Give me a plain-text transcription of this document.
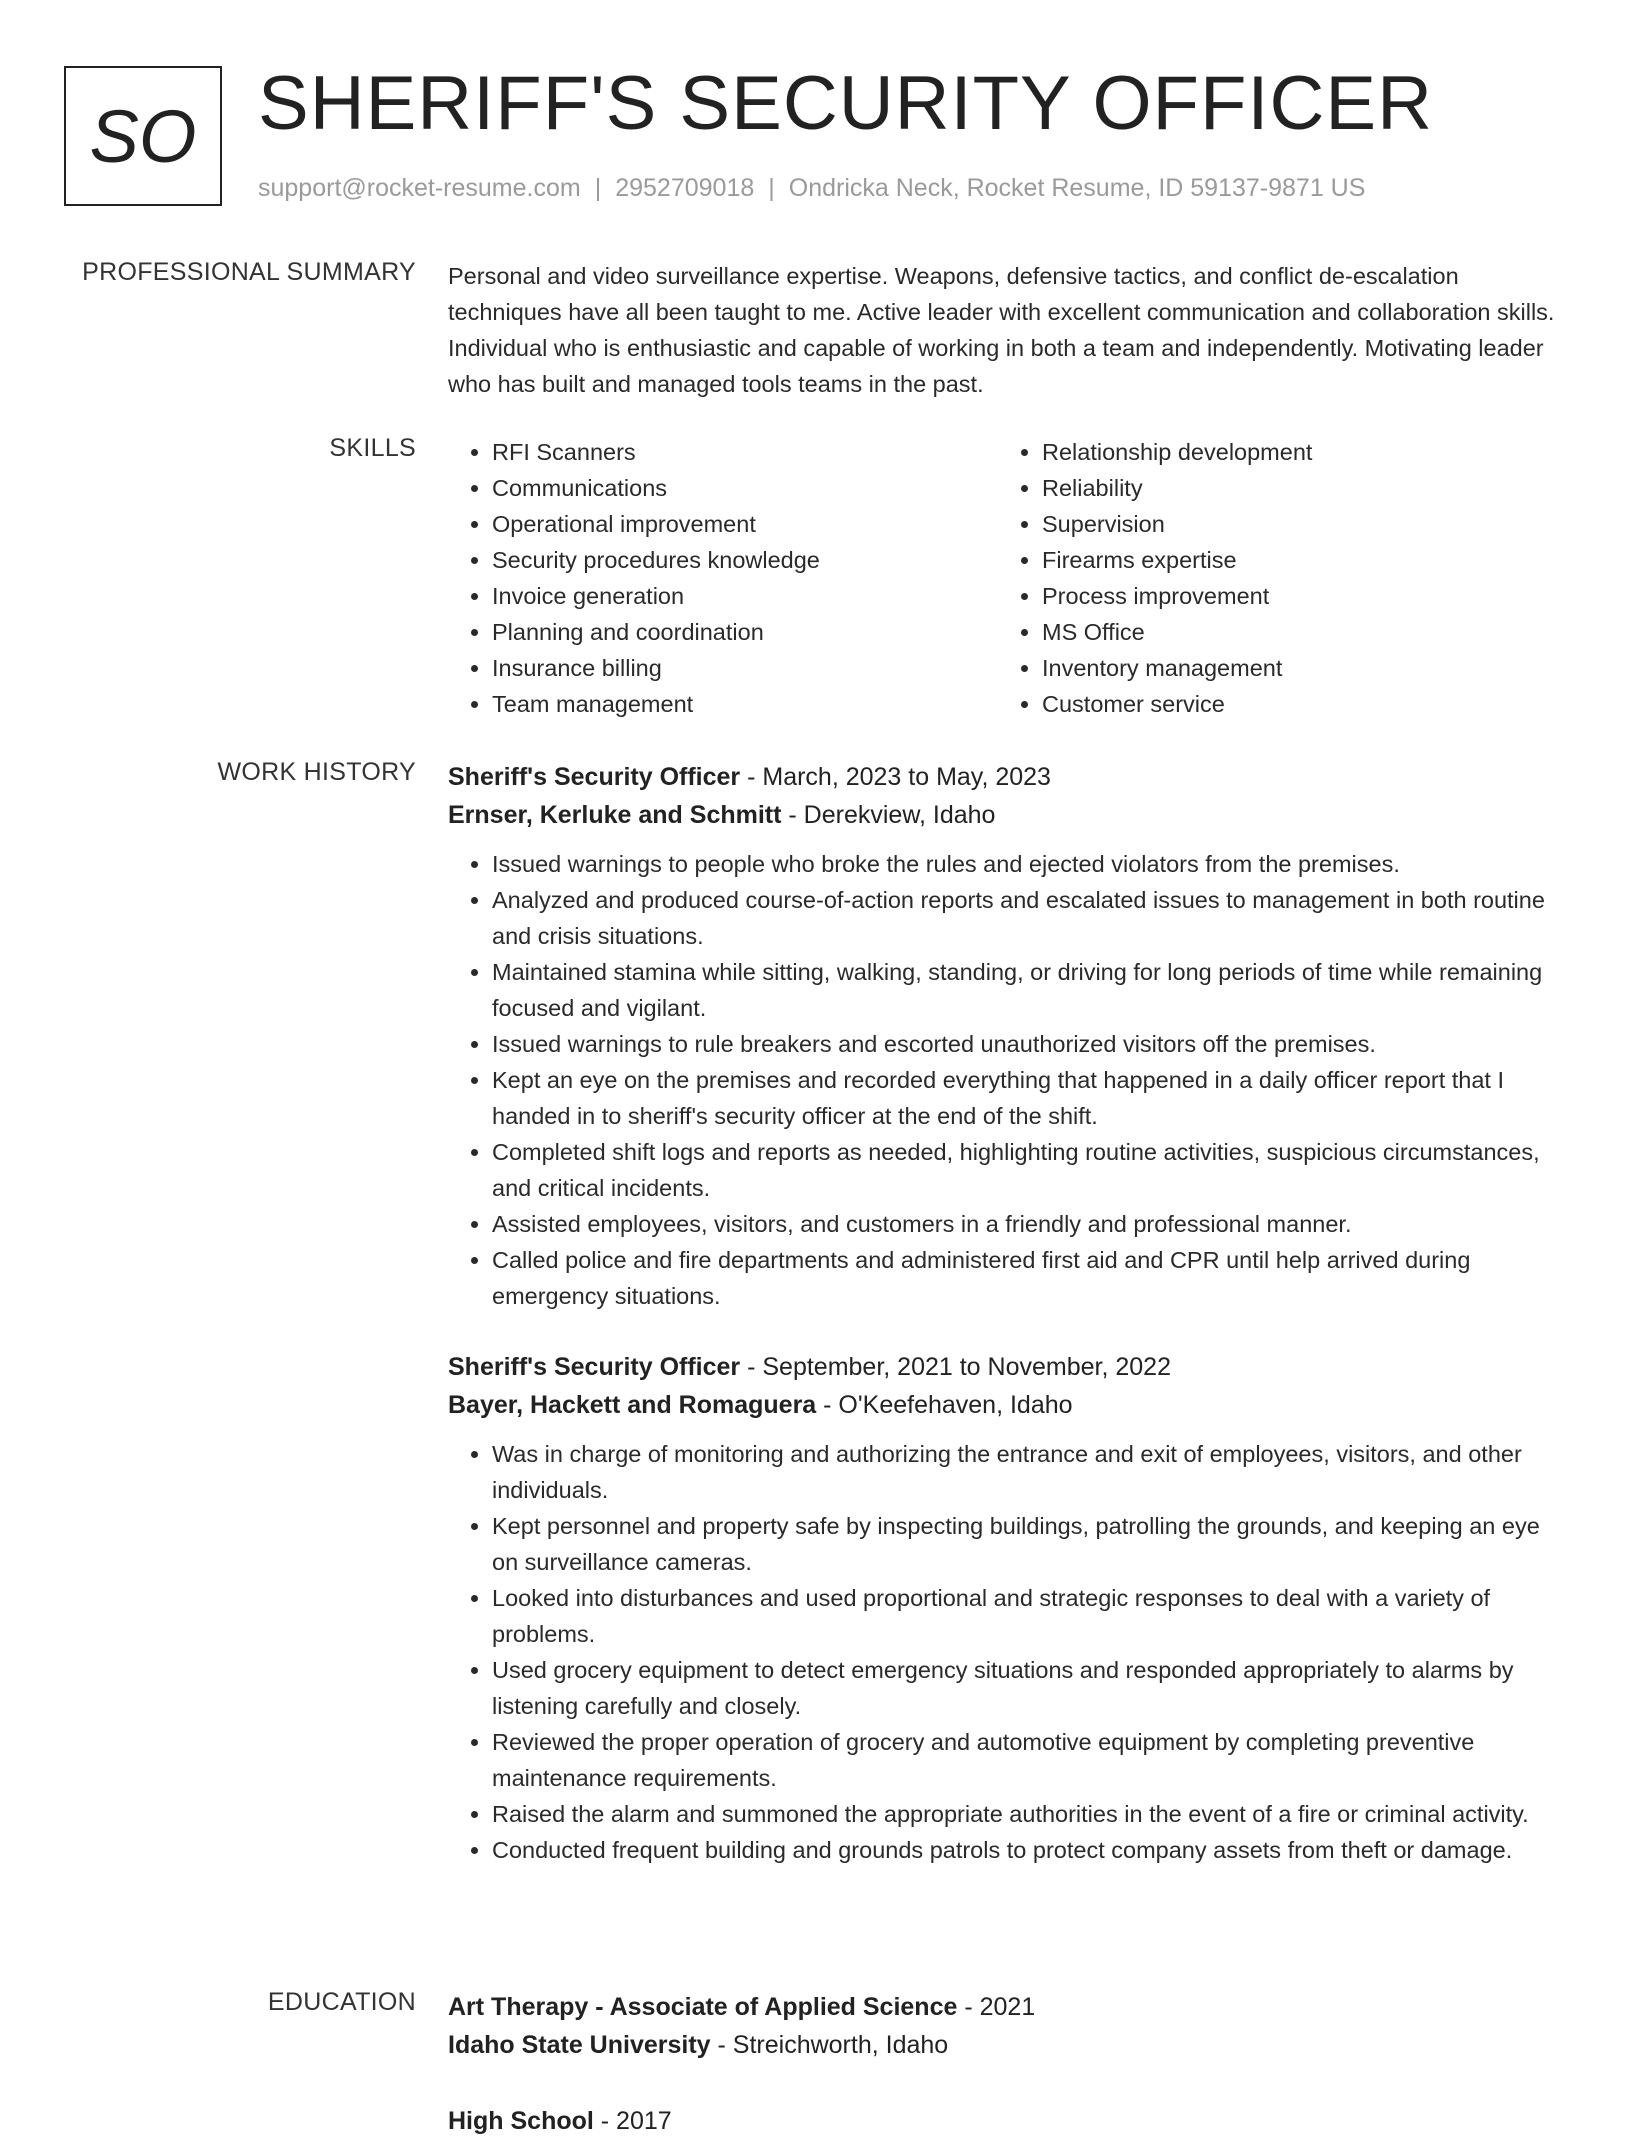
SO SHERIFF'S SECURITY OFFICER
support@rocket-resume.com | 2952709018 | Ondricka Neck, Rocket Resume, ID 59137-9871 US
PROFESSIONAL SUMMARY Personal and video surveillance expertise. Weapons, defensive tactics, and conflict de-escalation techniques have all been taught to me. Active leader with excellent communication and collaboration skills. Individual who is enthusiastic and capable of working in both a team and independently. Motivating leader who has built and managed tools teams in the past.
SKILLS
•	RFI Scanners
• Communications
• Operational improvement
• Security procedures knowledge
• Invoice generation
• Planning and coordination
• Insurance billing
• Team management
• Relationship development
• Reliability
• Supervision
• Firearms expertise
• Process improvement
• MS Office
• Inventory management
• Customer service
WORK HISTORY Sheriff's Security Officer - March, 2023 to May, 2023
Ernser, Kerluke and Schmitt - Derekview, Idaho
• Issued warnings to people who broke the rules and ejected violators from the premises.
• Analyzed and produced course-of-action reports and escalated issues to management in both routine and crisis situations.
• Maintained stamina while sitting, walking, standing, or driving for long periods of time while remaining focused and vigilant.
• Issued warnings to rule breakers and escorted unauthorized visitors off the premises.
• Kept an eye on the premises and recorded everything that happened in a daily officer report that I handed in to sheriff's security officer at the end of the shift.
• Completed shift logs and reports as needed, highlighting routine activities, suspicious circumstances, and critical incidents.
• Assisted employees, visitors, and customers in a friendly and professional manner.
• Called police and fire departments and administered first aid and CPR until help arrived during emergency situations.
Sheriff's Security Officer - September, 2021 to November, 2022
Bayer, Hackett and Romaguera - O'Keefehaven, Idaho
• Was in charge of monitoring and authorizing the entrance and exit of employees, visitors, and other individuals.
• Kept personnel and property safe by inspecting buildings, patrolling the grounds, and keeping an eye on surveillance cameras.
• Looked into disturbances and used proportional and strategic responses to deal with a variety of problems.
• Used grocery equipment to detect emergency situations and responded appropriately to alarms by listening carefully and closely.
• Reviewed the proper operation of grocery and automotive equipment by completing preventive maintenance requirements.
• Raised the alarm and summoned the appropriate authorities in the event of a fire or criminal activity.
• Conducted frequent building and grounds patrols to protect company assets from theft or damage.
EDUCATION Art Therapy - Associate of Applied Science - 2021
Idaho State University - Streichworth, Idaho
High School - 2017
